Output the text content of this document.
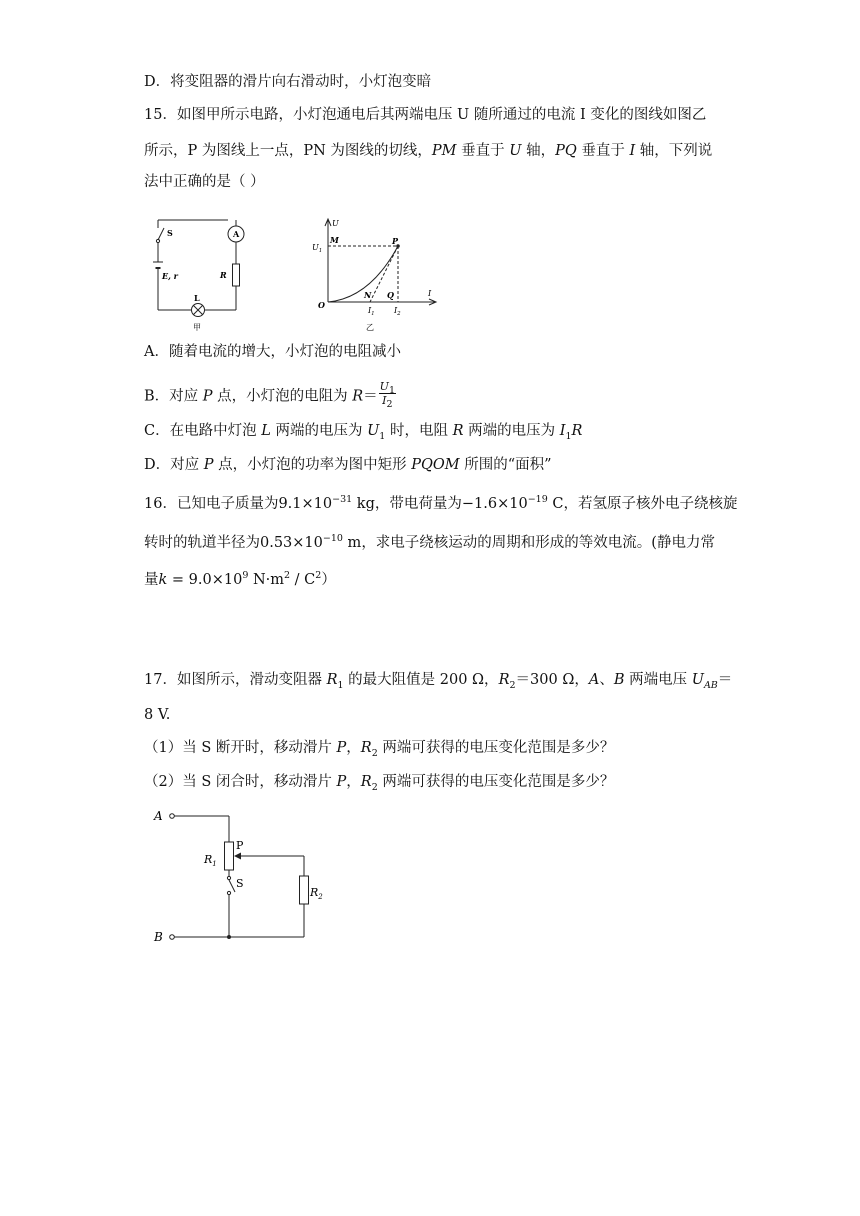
D．将变阻器的滑片向右滑动时，小灯泡变暗
15．如图甲所示电路，小灯泡通电后其两端电压 U 随所通过的电流 I 变化的图线如图乙
所示，P 为图线上一点，PN 为图线的切线，PM 垂直于 U 轴，PQ 垂直于 I 轴，下列说
法中正确的是（ ）
S	A
E, r	R
L
甲
U
I
O
$U_1$
M	P
N Q
$I_1$ $I_2$
乙
A．随着电流的增大，小灯泡的电阻减小
B．对应 P 点，小灯泡的电阻为 $R= \frac{U_1}{I_2}$
C．在电路中灯泡 L 两端的电压为 $U_1$ 时，电阻 R 两端的电压为 $I_1R$
D．对应 P 点，小灯泡的功率为图中矩形 PQOM 所围的“面积”
16．已知电子质量为$9.1\times 10^{-31}$ kg，带电荷量为$-1.6\times 10^{-19}$ C，若氢原子核外电子绕核旋
转时的轨道半径为$0.53\times 10^{-10}$ m，求电子绕核运动的周期和形成的等效电流。(静电力常
量$k = 9.0\times 10^9$ $N\cdot m^2 / C^2$）
17．如图所示，滑动变阻器 $R_1$ 的最大阻值是 200 Ω，$R_2=300$ Ω，A、B 两端电压 $U_{AB}=$
8 V.
（1）当 S 断开时，移动滑片 P，$R_2$ 两端可获得的电压变化范围是多少？
（2）当 S 闭合时，移动滑片 P，$R_2$ 两端可获得的电压变化范围是多少？
A
B
P
$R_1$
S
$R_2$
